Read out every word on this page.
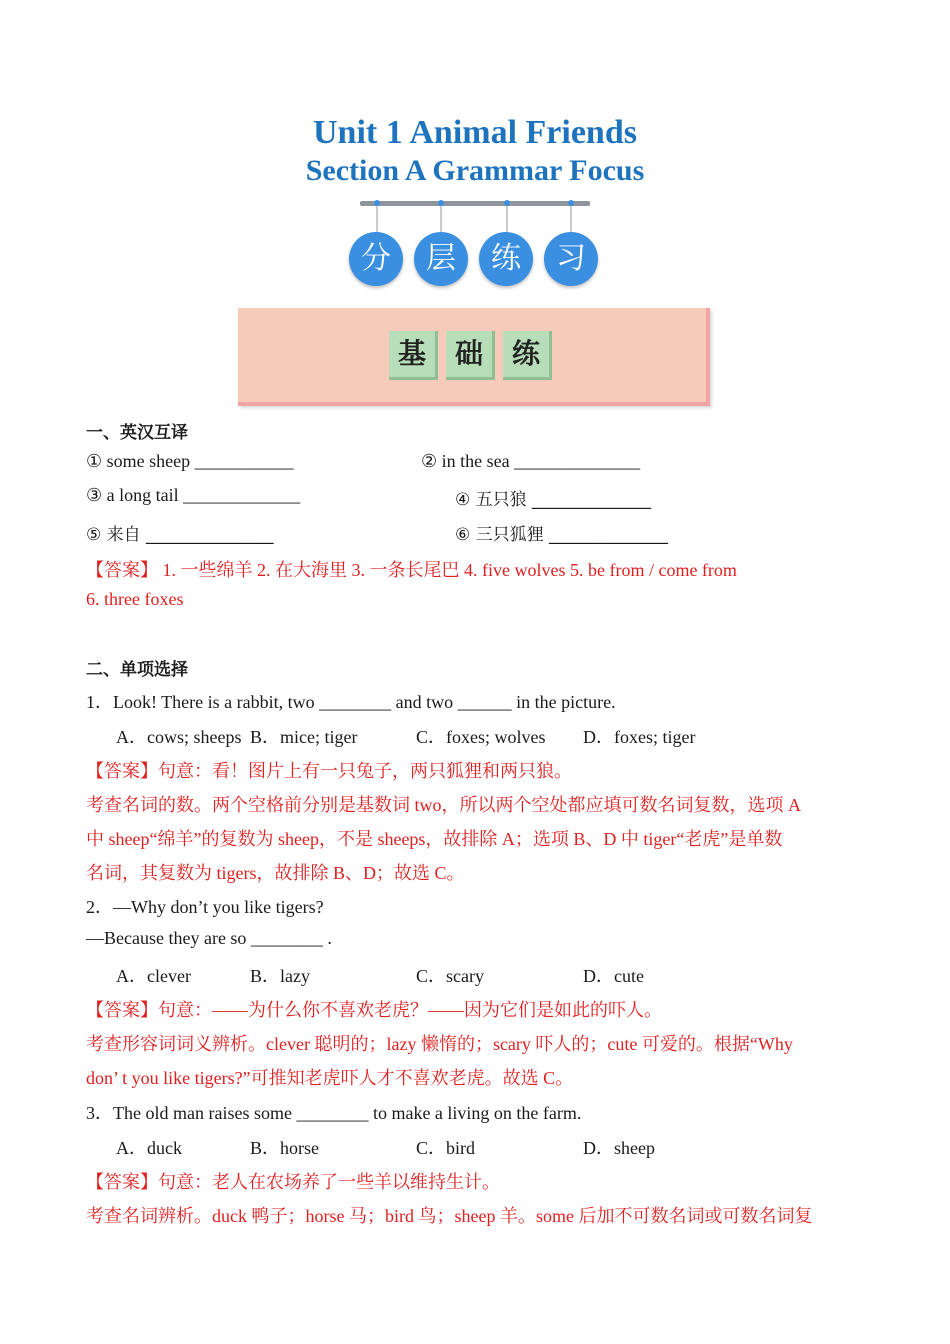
Unit 1 Animal Friends
Section A Grammar Focus
分	层	练	习
基	础	练
一、英汉互译
① some sheep ___________	② in the sea ______________
③ a long tail _____________	④ 五只狼 ______________
⑤ 来自 _______________	⑥ 三只狐狸 ______________
【答案】 1. 一些绵羊 2. 在大海里 3. 一条长尾巴 4. five wolves 5. be from / come from
6. three foxes
二、单项选择
1．Look! There is a rabbit, two ________ and two ______ in the picture.
A．cows; sheeps B．mice; tiger	C．foxes; wolves D．foxes; tiger
【答案】句意：看！图片上有一只兔子，两只狐狸和两只狼。
考查名词的数。两个空格前分别是基数词 two，所以两个空处都应填可数名词复数，选项 A
中 sheep“绵羊”的复数为 sheep，不是 sheeps，故排除 A；选项 B、D 中 tiger“老虎”是单数
名词，其复数为 tigers，故排除 B、D；故选 C。
2．—Why don’t you like tigers?
—Because they are so ________ .
A．clever	B．lazy	C．scary	D．cute
【答案】句意：——为什么你不喜欢老虎？——因为它们是如此的吓人。
考查形容词词义辨析。clever 聪明的；lazy 懒惰的；scary 吓人的；cute 可爱的。根据“Why
don’ t you like tigers?”可推知老虎吓人才不喜欢老虎。故选 C。
3．The old man raises some ________ to make a living on the farm.
A．duck	B．horse	C．bird	D．sheep
【答案】句意：老人在农场养了一些羊以维持生计。
考查名词辨析。duck 鸭子；horse 马；bird 鸟；sheep 羊。some 后加不可数名词或可数名词复
